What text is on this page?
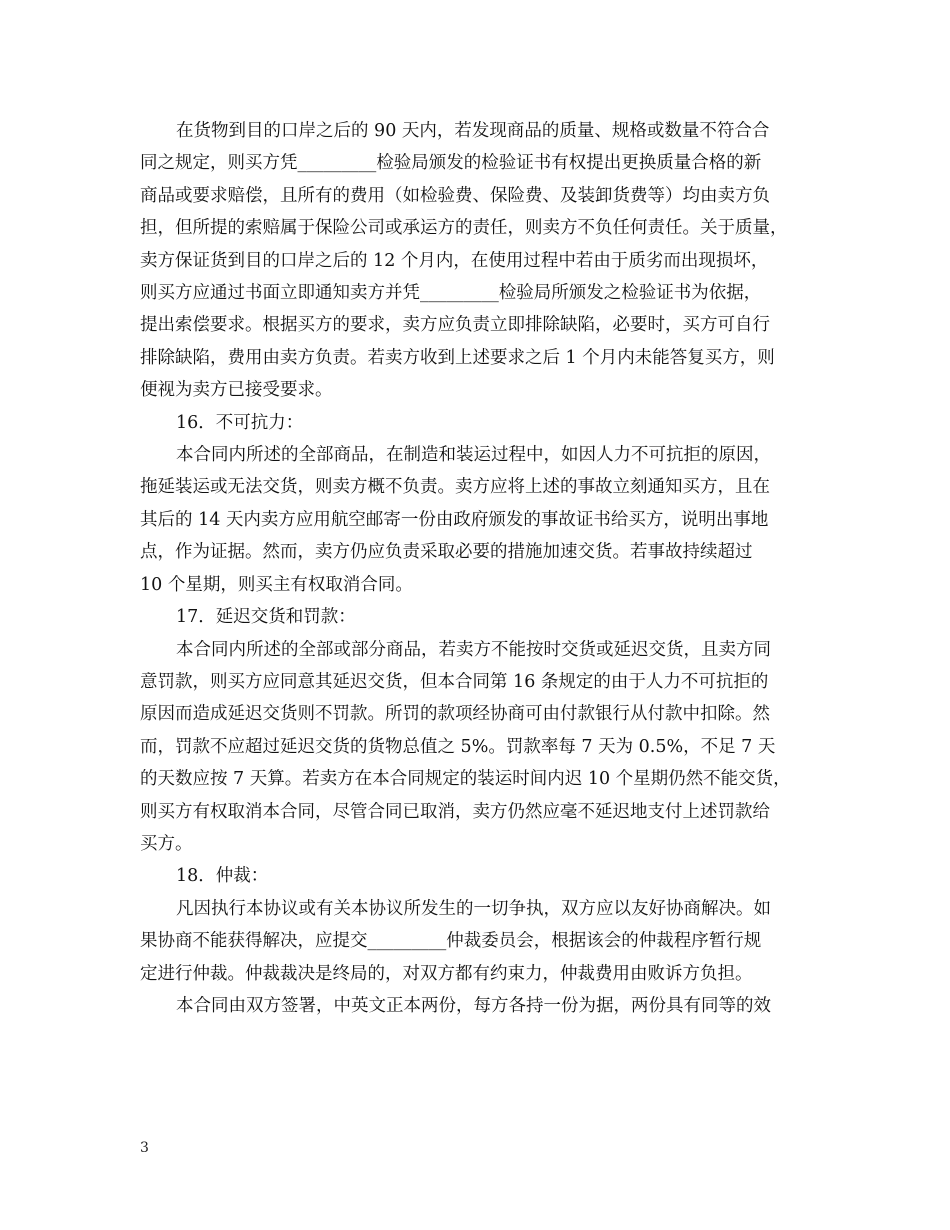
在货物到目的口岸之后的 90 天内，若发现商品的质量、规格或数量不符合合
同之规定，则买方凭_________检验局颁发的检验证书有权提出更换质量合格的新
商品或要求赔偿，且所有的费用（如检验费、保险费、及装卸货费等）均由卖方负
担，但所提的索赔属于保险公司或承运方的责任，则卖方不负任何责任。关于质量，
卖方保证货到目的口岸之后的 12 个月内，在使用过程中若由于质劣而出现损坏，
则买方应通过书面立即通知卖方并凭_________检验局所颁发之检验证书为依据，
提出索偿要求。根据买方的要求，卖方应负责立即排除缺陷，必要时，买方可自行
排除缺陷，费用由卖方负责。若卖方收到上述要求之后 1 个月内未能答复买方，则
便视为卖方已接受要求。
16．不可抗力：
本合同内所述的全部商品，在制造和装运过程中，如因人力不可抗拒的原因，
拖延装运或无法交货，则卖方概不负责。卖方应将上述的事故立刻通知买方，且在
其后的 14 天内卖方应用航空邮寄一份由政府颁发的事故证书给买方，说明出事地
点，作为证据。然而，卖方仍应负责采取必要的措施加速交货。若事故持续超过
10 个星期，则买主有权取消合同。
17．延迟交货和罚款：
本合同内所述的全部或部分商品，若卖方不能按时交货或延迟交货，且卖方同
意罚款，则买方应同意其延迟交货，但本合同第 16 条规定的由于人力不可抗拒的
原因而造成延迟交货则不罚款。所罚的款项经协商可由付款银行从付款中扣除。然
而，罚款不应超过延迟交货的货物总值之 5%。罚款率每 7 天为 0.5%，不足 7 天
的天数应按 7 天算。若卖方在本合同规定的装运时间内迟 10 个星期仍然不能交货，
则买方有权取消本合同，尽管合同已取消，卖方仍然应毫不延迟地支付上述罚款给
买方。
18．仲裁：
凡因执行本协议或有关本协议所发生的一切争执，双方应以友好协商解决。如
果协商不能获得解决，应提交_________仲裁委员会，根据该会的仲裁程序暂行规
定进行仲裁。仲裁裁决是终局的，对双方都有约束力，仲裁费用由败诉方负担。
本合同由双方签署，中英文正本两份，每方各持一份为据，两份具有同等的效
3
